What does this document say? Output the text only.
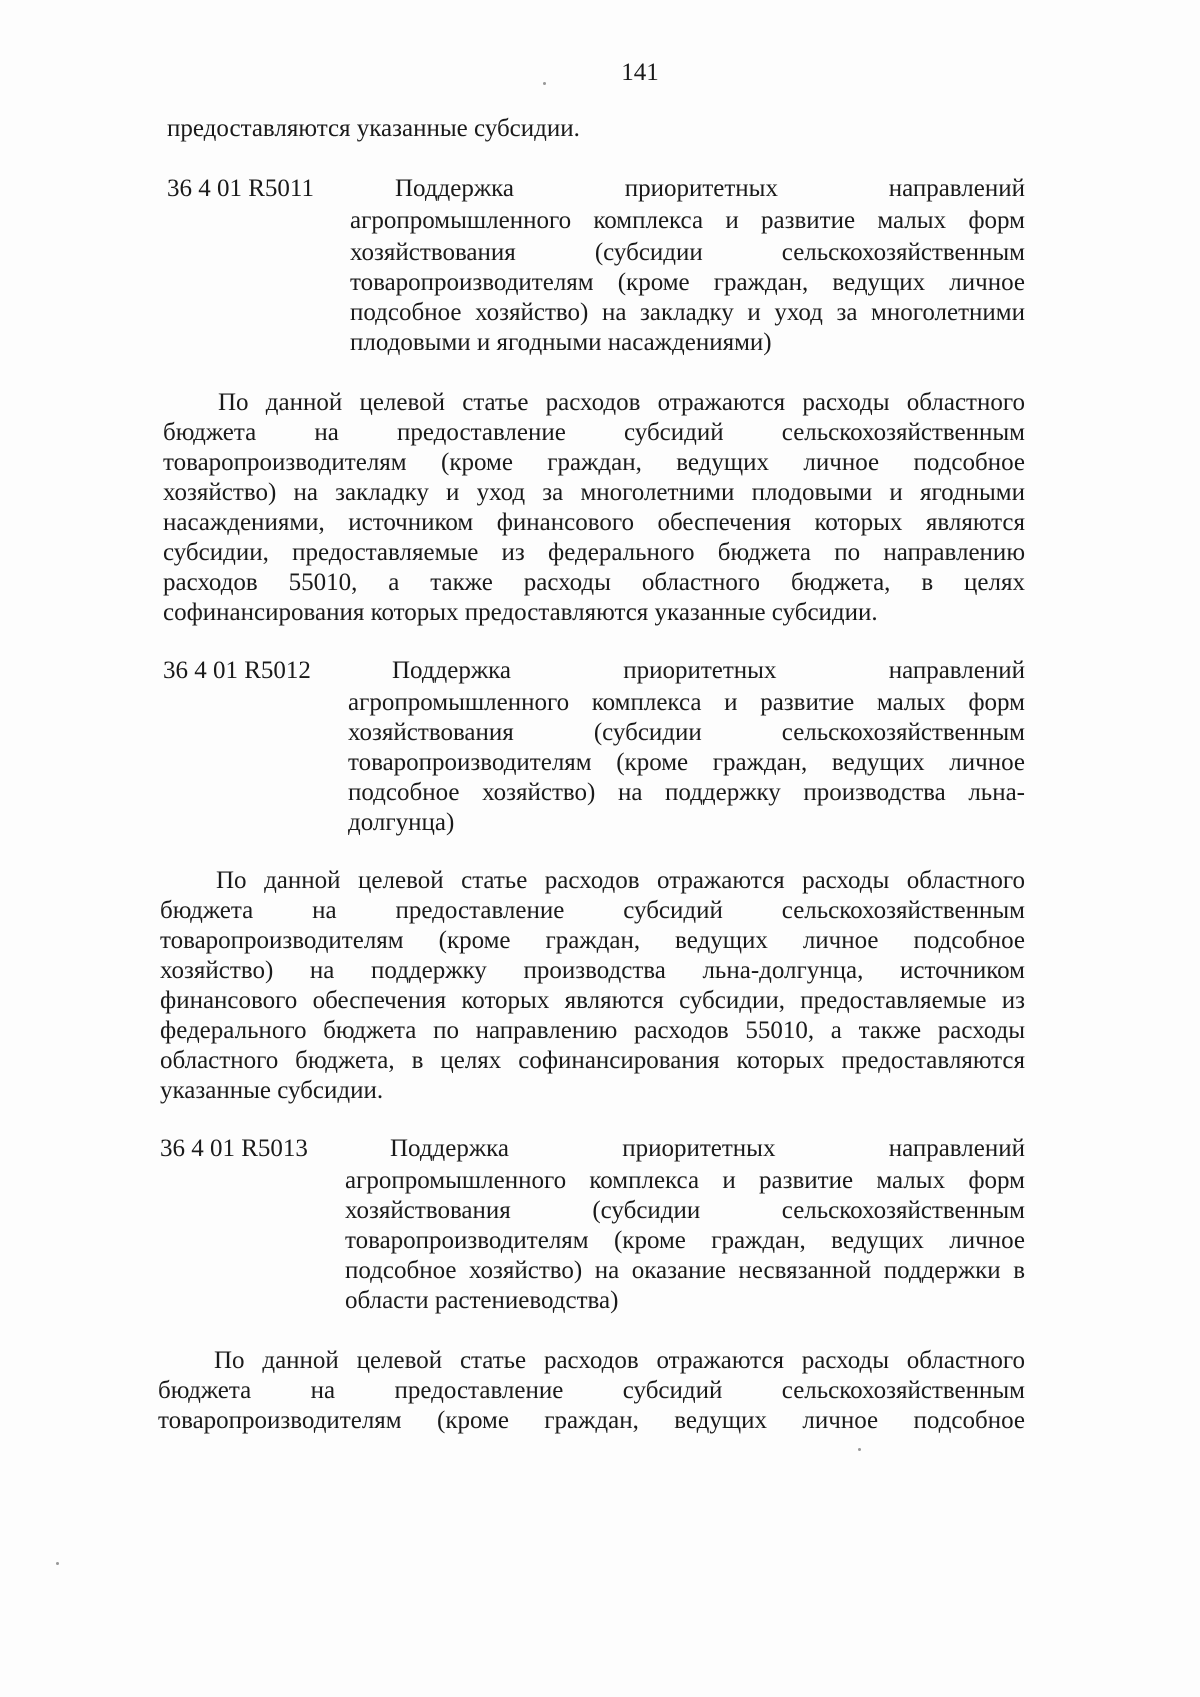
141
предоставляются указанные субсидии.
36 4 01 R5011	Поддержка приоритетных направлений
агропромышленного комплекса и развитие малых форм
хозяйствования (субсидии сельскохозяйственным
товаропроизводителям (кроме граждан, ведущих личное
подсобное хозяйство) на закладку и уход за многолетними
плодовыми и ягодными насаждениями)
По данной целевой статье расходов отражаются расходы областного
бюджета на предоставление субсидий сельскохозяйственным
товаропроизводителям (кроме граждан, ведущих личное подсобное
хозяйство) на закладку и уход за многолетними плодовыми и ягодными
насаждениями, источником финансового обеспечения которых являются
субсидии, предоставляемые из федерального бюджета по направлению
расходов 55010, а также расходы областного бюджета, в целях
софинансирования которых предоставляются указанные субсидии.
36 4 01 R5012	Поддержка приоритетных направлений
агропромышленного комплекса и развитие малых форм
хозяйствования (субсидии сельскохозяйственным
товаропроизводителям (кроме граждан, ведущих личное
подсобное хозяйство) на поддержку производства льна-
долгунца)
По данной целевой статье расходов отражаются расходы областного
бюджета на предоставление субсидий сельскохозяйственным
товаропроизводителям (кроме граждан, ведущих личное подсобное
хозяйство) на поддержку производства льна-долгунца, источником
финансового обеспечения которых являются субсидии, предоставляемые из
федерального бюджета по направлению расходов 55010, а также расходы
областного бюджета, в целях софинансирования которых предоставляются
указанные субсидии.
36 4 01 R5013	Поддержка приоритетных направлений
агропромышленного комплекса и развитие малых форм
хозяйствования (субсидии сельскохозяйственным
товаропроизводителям (кроме граждан, ведущих личное
подсобное хозяйство) на оказание несвязанной поддержки в
области растениеводства)
По данной целевой статье расходов отражаются расходы областного
бюджета на предоставление субсидий сельскохозяйственным
товаропроизводителям (кроме граждан, ведущих личное подсобное
